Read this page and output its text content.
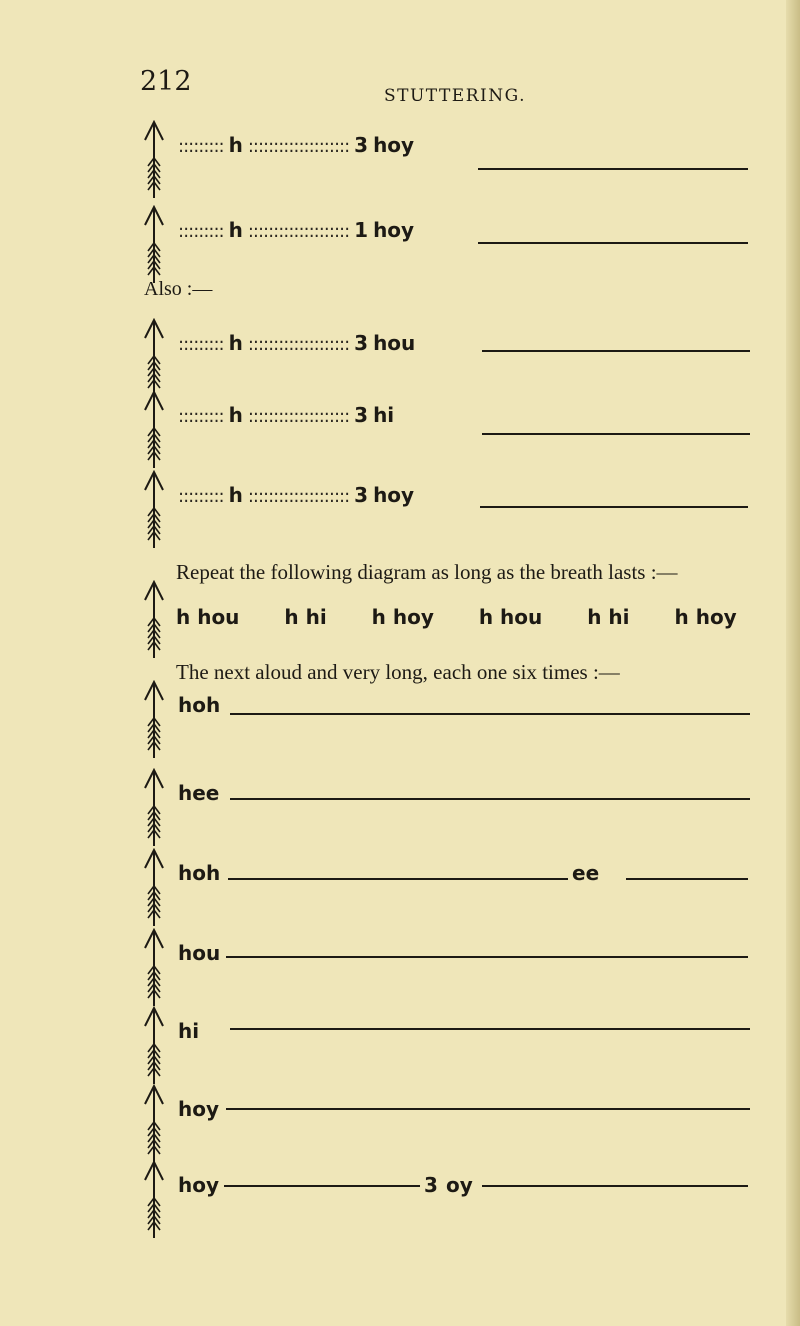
212	STUTTERING.
::::::::: h :::::::::::::::::::: 3 hoy
::::::::: h :::::::::::::::::::: 1 hoy
Also :—
::::::::: h :::::::::::::::::::: 3 hou
::::::::: h :::::::::::::::::::: 3 hi
::::::::: h :::::::::::::::::::: 3 hoy
Repeat the following diagram as long as the breath lasts :—
h hou h hi h hoy h hou h hi h hoy
The next aloud and very long, each one six times :—
hoh
hee
hoh	ee
hou
hi
hoy
hoy	3 oy
